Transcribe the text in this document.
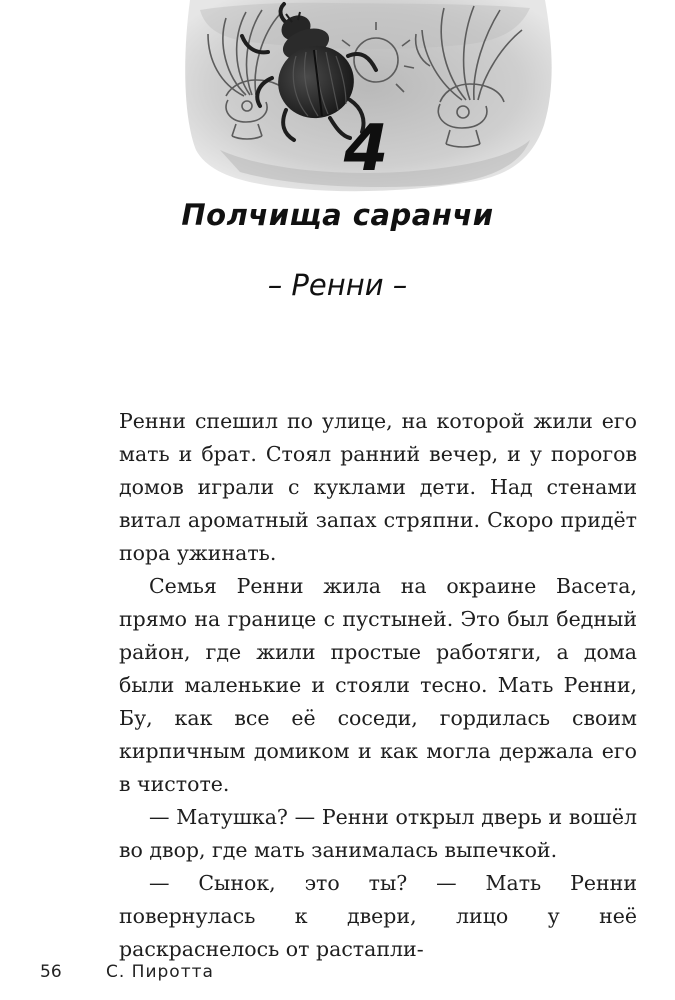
4
Полчища саранчи
– Ренни –

Ренни спешил по улице, на которой жили его мать и брат. Стоял ранний вечер, и у порогов домов играли с куклами дети. Над стенами витал ароматный запах стряпни. Скоро придёт пора ужинать.

Семья Ренни жила на окраине Васета, прямо на границе с пустыней. Это был бедный район, где жили простые работяги, а дома были маленькие и стояли тесно. Мать Ренни, Бу, как все её соседи, гордилась своим кирпичным домиком и как могла держала его в чистоте.

— Матушка? — Ренни открыл дверь и вошёл во двор, где мать занималась выпечкой.

— Сынок, это ты? — Мать Ренни повернулась к двери, лицо у неё раскраснелось от растапли-

56	С. Пиротта
